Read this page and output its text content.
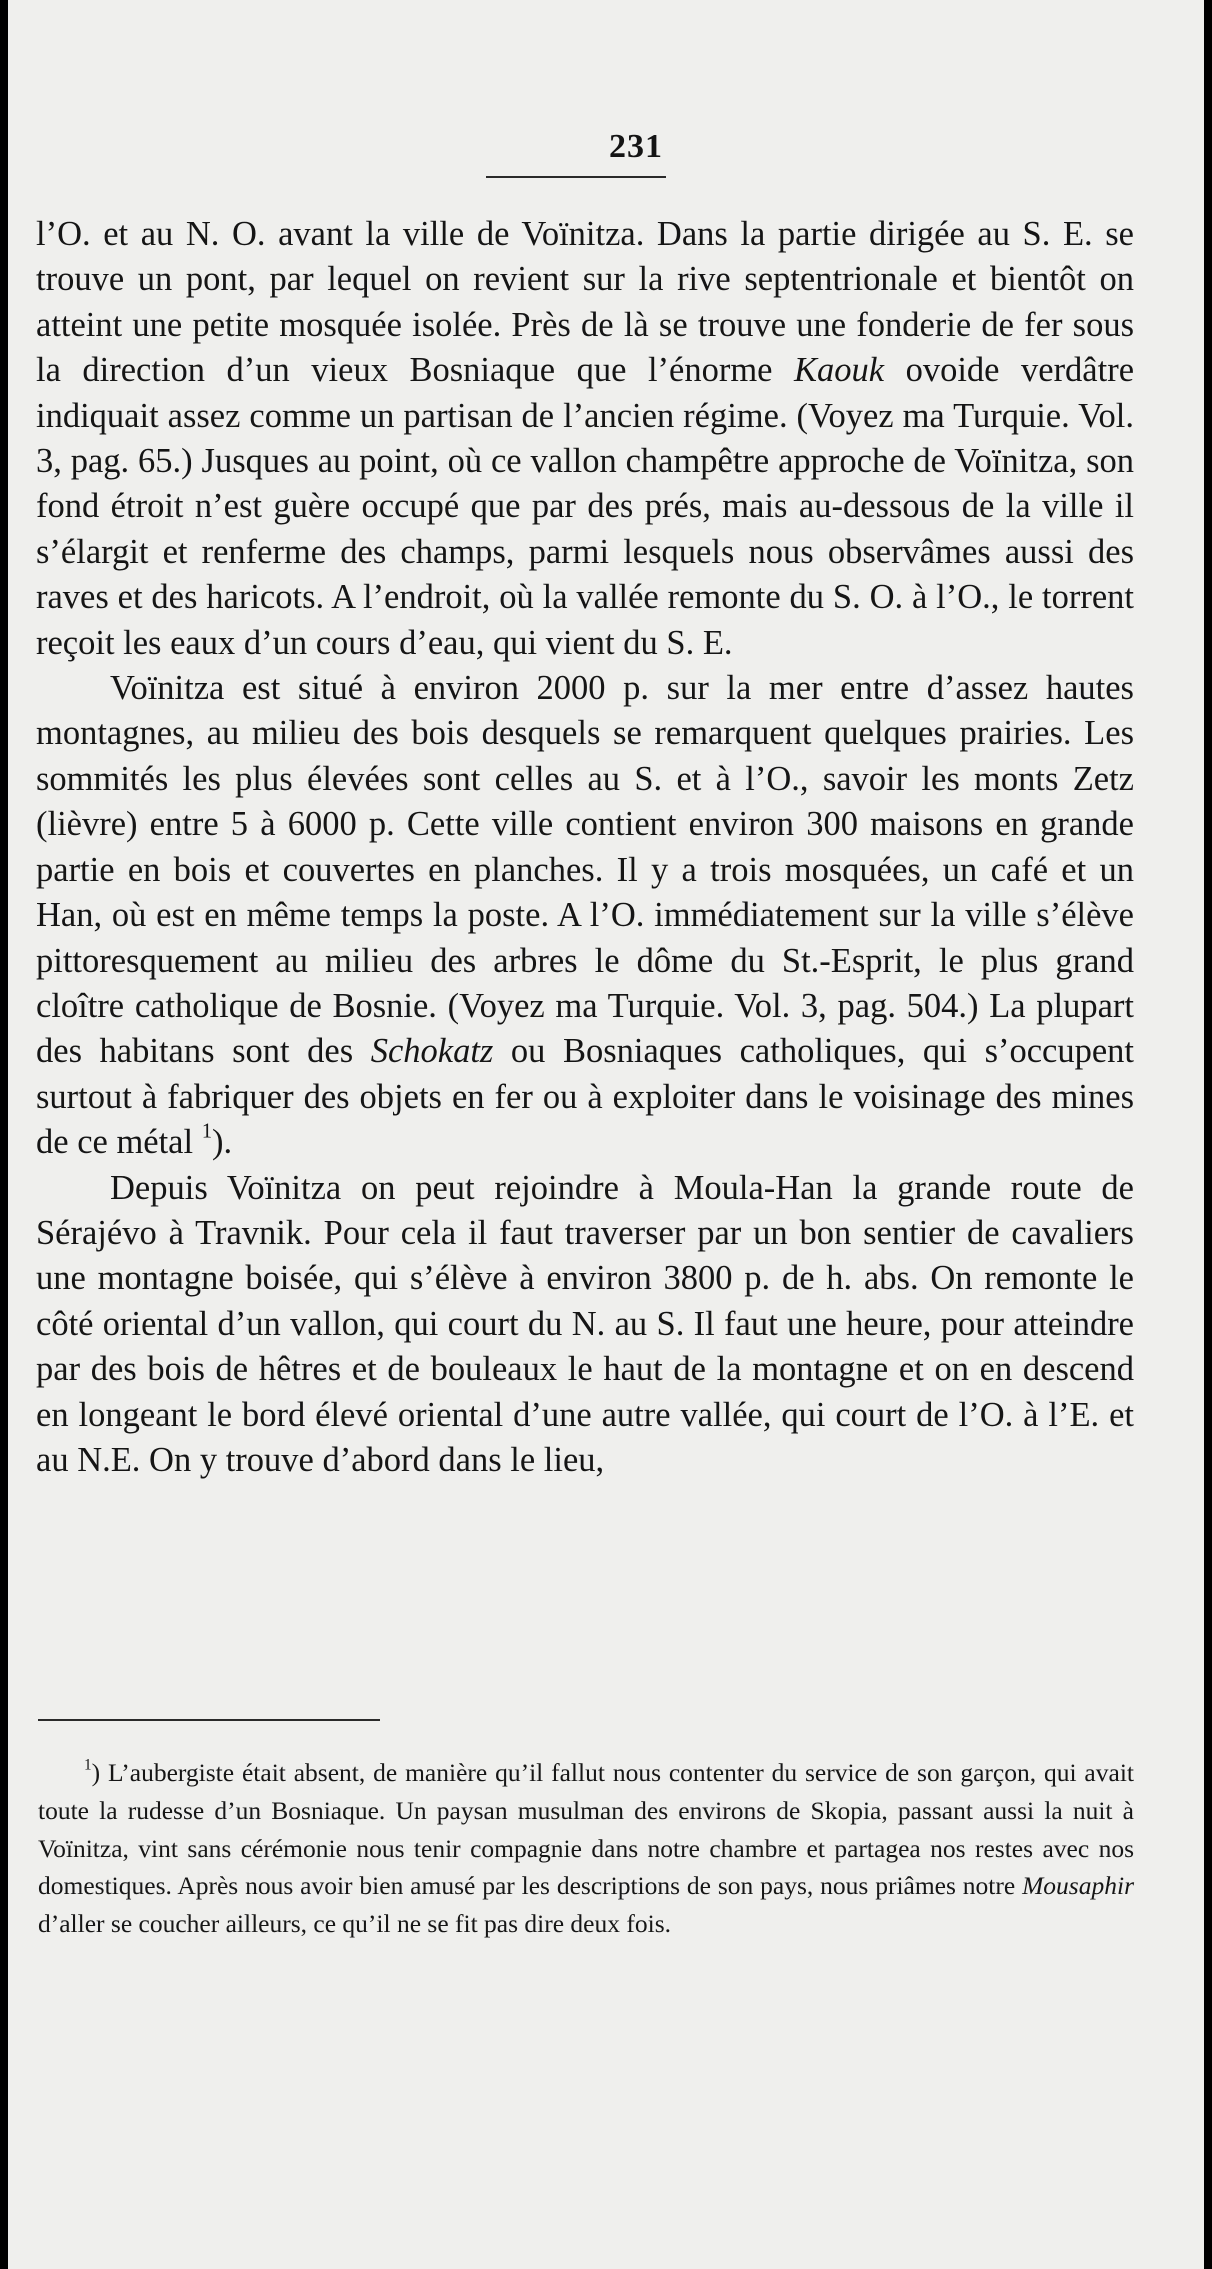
231

l’O. et au N. O. avant la ville de Voïnitza. Dans la partie dirigée au S. E. se trouve un pont, par lequel on revient sur la rive septentrionale et bientôt on atteint une petite mosquée isolée. Près de là se trouve une fonderie de fer sous la direction d’un vieux Bosniaque que l’énorme Kaouk ovoide verdâtre indiquait assez comme un partisan de l’ancien régime. (Voyez ma Turquie. Vol. 3, pag. 65.) Jusques au point, où ce vallon champêtre approche de Voïnitza, son fond étroit n’est guère occupé que par des prés, mais au-dessous de la ville il s’élargit et renferme des champs, parmi lesquels nous observâmes aussi des raves et des haricots. A l’endroit, où la vallée remonte du S. O. à l’O., le torrent reçoit les eaux d’un cours d’eau, qui vient du S. E.

Voïnitza est situé à environ 2000 p. sur la mer entre d’assez hautes montagnes, au milieu des bois desquels se remarquent quelques prairies. Les sommités les plus élevées sont celles au S. et à l’O., savoir les monts Zetz (lièvre) entre 5 à 6000 p. Cette ville contient environ 300 maisons en grande partie en bois et couvertes en planches. Il y a trois mosquées, un café et un Han, où est en même temps la poste. A l’O. immédiatement sur la ville s’élève pittoresquement au milieu des arbres le dôme du St.-Esprit, le plus grand cloître catholique de Bosnie. (Voyez ma Turquie. Vol. 3, pag. 504.) La plupart des habitans sont des Schokatz ou Bosniaques catholiques, qui s’occupent surtout à fabriquer des objets en fer ou à exploiter dans le voisinage des mines de ce métal $^1$).

Depuis Voïnitza on peut rejoindre à Moula-Han la grande route de Sérajévo à Travnik. Pour cela il faut traverser par un bon sentier de cavaliers une montagne boisée, qui s’élève à environ 3800 p. de h. abs. On remonte le côté oriental d’un vallon, qui court du N. au S. Il faut une heure, pour atteindre par des bois de hêtres et de bouleaux le haut de la montagne et on en descend en longeant le bord élevé oriental d’une autre vallée, qui court de l’O. à l’E. et au N.E. On y trouve d’abord dans le lieu,

$^1$) L’aubergiste était absent, de manière qu’il fallut nous contenter du service de son garçon, qui avait toute la rudesse d’un Bosniaque. Un paysan musulman des environs de Skopia, passant aussi la nuit à Voïnitza, vint sans cérémonie nous tenir compagnie dans notre chambre et partagea nos restes avec nos domestiques. Après nous avoir bien amusé par les descriptions de son pays, nous priâmes notre Mousaphir d’aller se coucher ailleurs, ce qu’il ne se fit pas dire deux fois.
